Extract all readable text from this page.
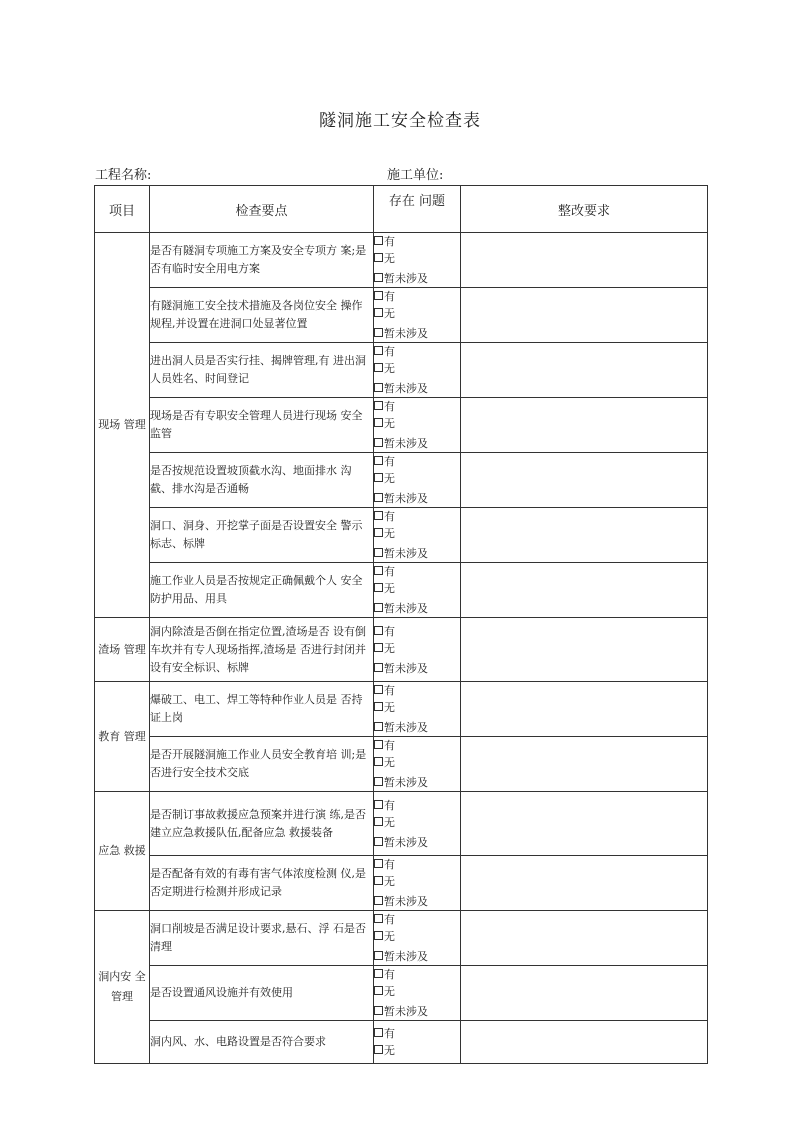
隧洞施工安全检查表
工程名称:	施工单位:
项目	检查要点	存在 问题	整改要求
现场 管理	是否有隧洞专项施工方案及安全专项方 案;是否有临时安全用电方案	有
无
暂未涉及	

	有隧洞施工安全技术措施及各岗位安全 操作规程,并设置在进洞口处显著位置	有
无
暂未涉及	

	进出洞人员是否实行挂、揭牌管理,有 进出洞人员姓名、时间登记	有
无
暂未涉及	

	现场是否有专职安全管理人员进行现场 安全监管	有
无
暂未涉及	

	是否按规范设置坡顶截水沟、地面排水 沟 截、排水沟是否通畅	有
无
暂未涉及	

	洞口、洞身、开挖掌子面是否设置安全 警示标志、标牌	有
无
暂未涉及	

	施工作业人员是否按规定正确佩戴个人 安全防护用品、用具	有
无
暂未涉及	

渣场 管理	洞内除渣是否倒在指定位置,渣场是否 设有倒车坎并有专人现场指挥,渣场是 否进行封闭并设有安全标识、标牌	有
无
暂未涉及	

教育 管理	爆破工、电工、焊工等特种作业人员是 否持证上岗	有
无
暂未涉及	

	是否开展隧洞施工作业人员安全教育培 训;是否进行安全技术交底	有
无
暂未涉及	

应急 救援	是否制订事故救援应急预案并进行演 练,是否建立应急救援队伍,配备应急 救援装备	有
无
暂未涉及	

	是否配备有效的有毒有害气体浓度检测 仪,是否定期进行检测并形成记录	有
无
暂未涉及	

洞内安 全 管理	洞口削坡是否满足设计要求,悬石、浮 石是否清理	有
无
暂未涉及	

	是否设置通风设施并有效使用	有
无
暂未涉及	

	洞内风、水、电路设置是否符合要求	有
无	
